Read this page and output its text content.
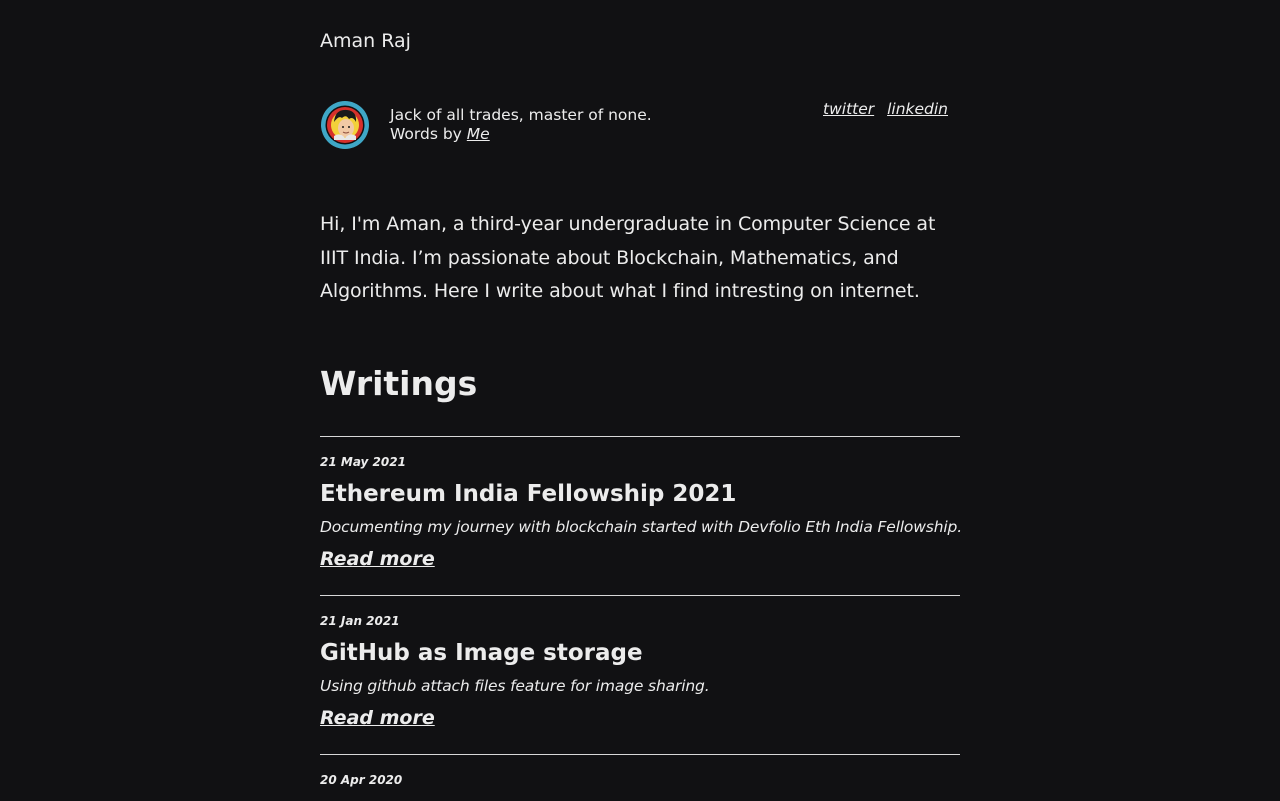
Aman Raj
Jack of all trades, master of none.
Words by Me
twitter linkedin
Hi, I'm Aman, a third-year undergraduate in Computer Science at IIIT India. I’m passionate about Blockchain, Mathematics, and Algorithms. Here I write about what I find intresting on internet.
Writings
21 May 2021
Ethereum India Fellowship 2021
Documenting my journey with blockchain started with Devfolio Eth India Fellowship.
Read more
21 Jan 2021
GitHub as Image storage
Using github attach files feature for image sharing.
Read more
20 Apr 2020
